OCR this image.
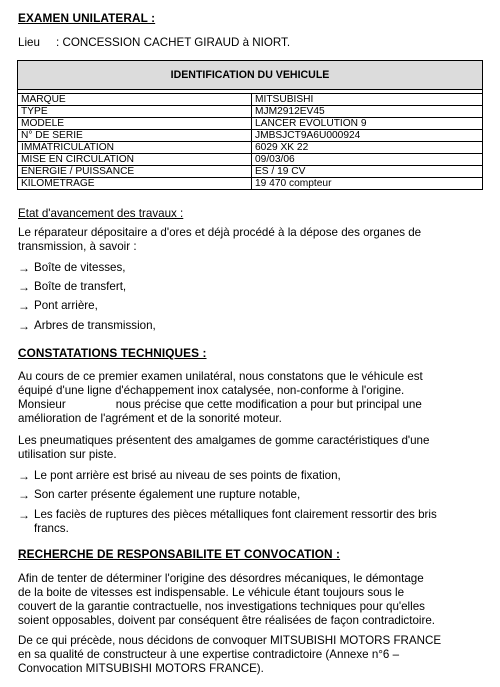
EXAMEN UNILATERAL :
Lieu : CONCESSION CACHET GIRAUD à NIORT.
IDENTIFICATION DU VEHICULE	

MARQUE	MITSUBISHI
TYPE	MJM2912EV45
MODELE	LANCER EVOLUTION 9
N° DE SERIE	JMBSJCT9A6U000924
IMMATRICULATION	6029 XK 22
MISE EN CIRCULATION	09/03/06
ENERGIE / PUISSANCE	ES / 19 CV
KILOMETRAGE	19 470 compteur
Etat d'avancement des travaux :
Le réparateur dépositaire a d'ores et déjà procédé à la dépose des organes de
transmission, à savoir :
→ Boîte de vitesses,
→ Boîte de transfert,
→ Pont arrière,
→ Arbres de transmission,
CONSTATATIONS TECHNIQUES :
Au cours de ce premier examen unilatéral, nous constatons que le véhicule est
équipé d'une ligne d'échappement inox catalysée, non-conforme à l'origine.
Monsieur	nous précise que cette modification a pour but principal une
amélioration de l'agrément et de la sonorité moteur.
Les pneumatiques présentent des amalgames de gomme caractéristiques d'une
utilisation sur piste.
→ Le pont arrière est brisé au niveau de ses points de fixation,
→ Son carter présente également une rupture notable,
→ Les faciès de ruptures des pièces métalliques font clairement ressortir des bris
francs.
RECHERCHE DE RESPONSABILITE ET CONVOCATION :
Afin de tenter de déterminer l'origine des désordres mécaniques, le démontage
de la boite de vitesses est indispensable. Le véhicule étant toujours sous le
couvert de la garantie contractuelle, nos investigations techniques pour qu'elles
soient opposables, doivent par conséquent être réalisées de façon contradictoire.
De ce qui précède, nous décidons de convoquer MITSUBISHI MOTORS FRANCE
en sa qualité de constructeur à une expertise contradictoire (Annexe n°6 –
Convocation MITSUBISHI MOTORS FRANCE).
